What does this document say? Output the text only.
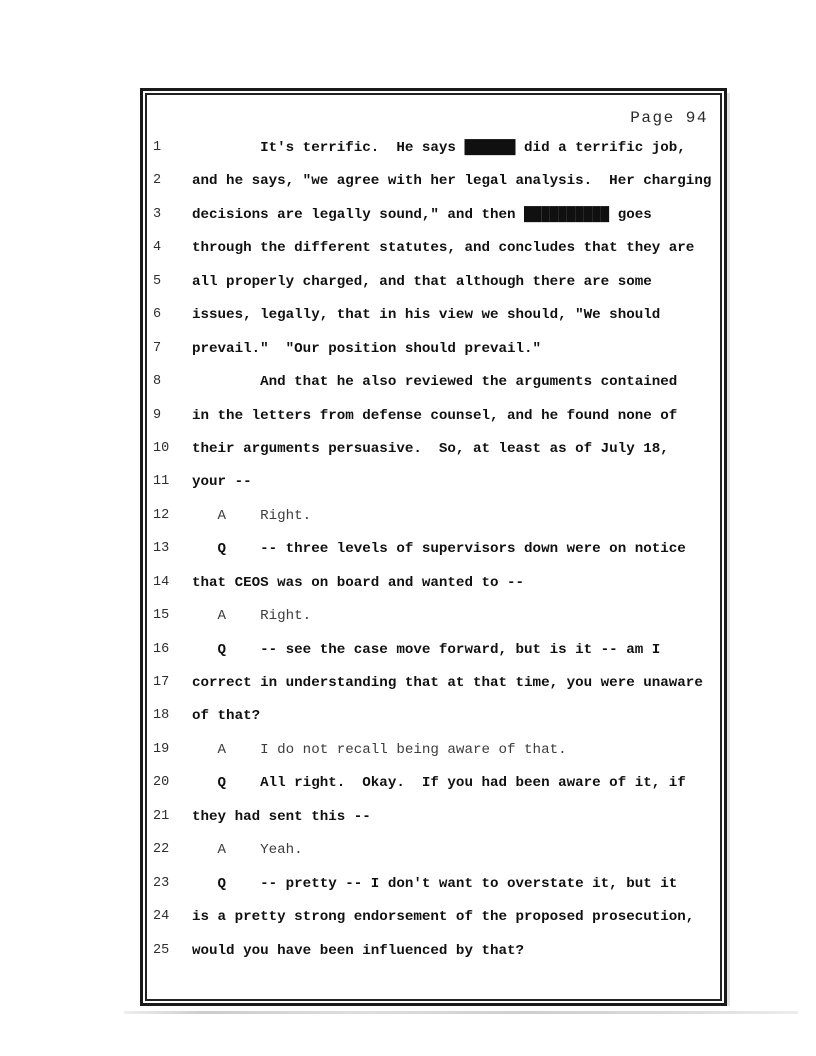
Page 94
1	It's terrific.  He says ██████ did a terrific job,
2	and he says, "we agree with her legal analysis.  Her charging
3	decisions are legally sound," and then ██████████ goes
4	through the different statutes, and concludes that they are
5	all properly charged, and that although there are some
6	issues, legally, that in his view we should, "We should
7	prevail."  "Our position should prevail."
8	And that he also reviewed the arguments contained
9	in the letters from defense counsel, and he found none of
10	their arguments persuasive.  So, at least as of July 18,
11	your --
12	A    Right.
13	Q    -- three levels of supervisors down were on notice
14	that CEOS was on board and wanted to --
15	A    Right.
16	Q    -- see the case move forward, but is it -- am I
17	correct in understanding that at that time, you were unaware
18	of that?
19	A    I do not recall being aware of that.
20	Q    All right.  Okay.  If you had been aware of it, if
21	they had sent this --
22	A    Yeah.
23	Q    -- pretty -- I don't want to overstate it, but it
24	is a pretty strong endorsement of the proposed prosecution,
25	would you have been influenced by that?
